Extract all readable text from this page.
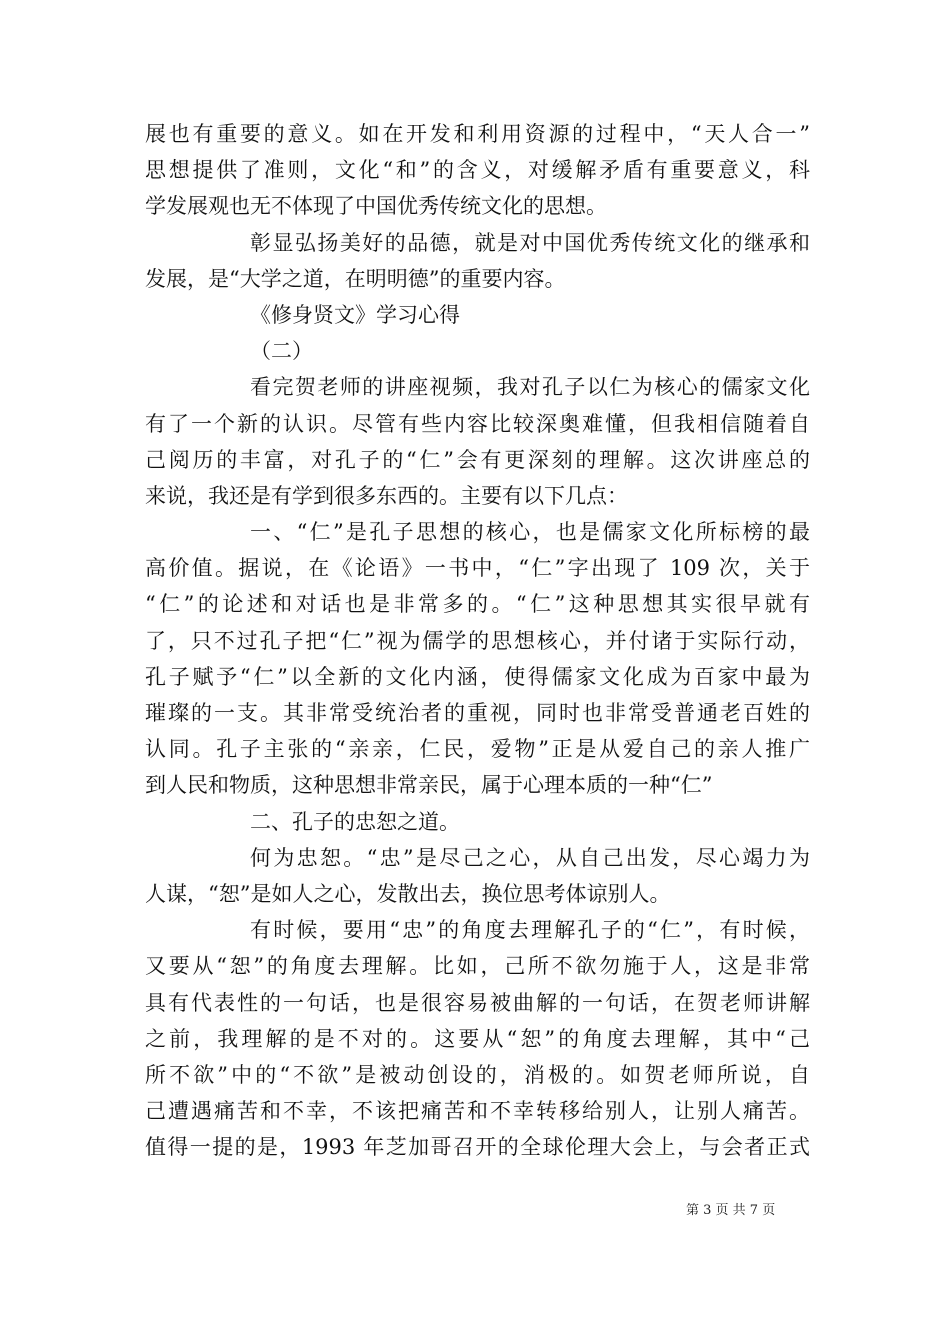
展也有重要的意义。如在开发和利用资源的过程中，“天人合一”
思想提供了准则，文化“和”的含义，对缓解矛盾有重要意义，科
学发展观也无不体现了中国优秀传统文化的思想。
彰显弘扬美好的品德，就是对中国优秀传统文化的继承和
发展，是“大学之道，在明明德”的重要内容。
《修身贤文》学习心得
（二）
看完贺老师的讲座视频，我对孔子以仁为核心的儒家文化
有了一个新的认识。尽管有些内容比较深奥难懂，但我相信随着自
己阅历的丰富，对孔子的“仁”会有更深刻的理解。这次讲座总的
来说，我还是有学到很多东西的。主要有以下几点：
一、“仁”是孔子思想的核心，也是儒家文化所标榜的最
高价值。据说，在《论语》一书中，“仁”字出现了 109 次，关于
“仁”的论述和对话也是非常多的。“仁”这种思想其实很早就有
了，只不过孔子把“仁”视为儒学的思想核心，并付诸于实际行动，
孔子赋予“仁”以全新的文化内涵，使得儒家文化成为百家中最为
璀璨的一支。其非常受统治者的重视，同时也非常受普通老百姓的
认同。孔子主张的“亲亲，仁民，爱物”正是从爱自己的亲人推广
到人民和物质，这种思想非常亲民，属于心理本质的一种“仁”
二、孔子的忠恕之道。
何为忠恕。“忠”是尽己之心，从自己出发，尽心竭力为
人谋，“恕”是如人之心，发散出去，换位思考体谅别人。
有时候，要用“忠”的角度去理解孔子的“仁”，有时候，
又要从“恕”的角度去理解。比如，己所不欲勿施于人，这是非常
具有代表性的一句话，也是很容易被曲解的一句话，在贺老师讲解
之前，我理解的是不对的。这要从“恕”的角度去理解，其中“己
所不欲”中的“不欲”是被动创设的，消极的。如贺老师所说，自
己遭遇痛苦和不幸，不该把痛苦和不幸转移给别人，让别人痛苦。
值得一提的是，1993 年芝加哥召开的全球伦理大会上，与会者正式
第 3 页 共 7 页
